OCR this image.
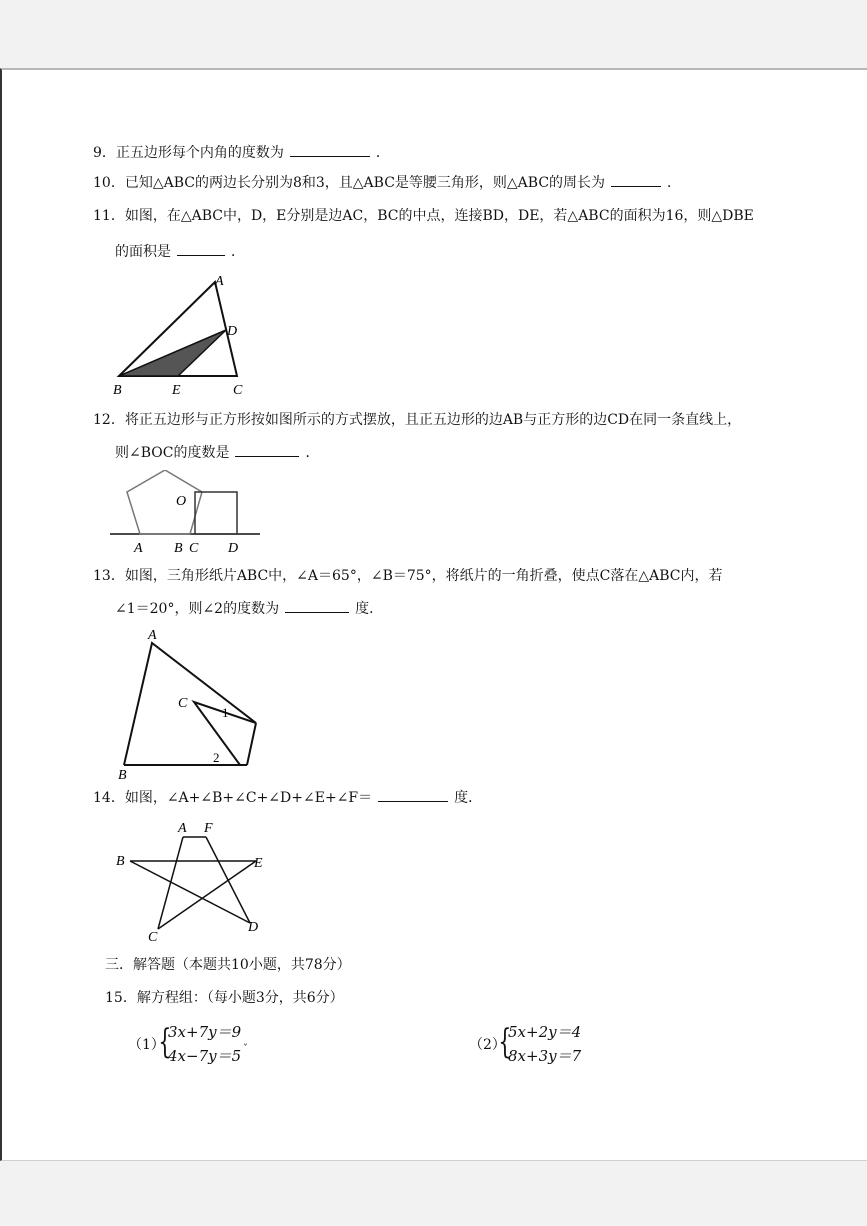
9．正五边形每个内角的度数为	．
10．已知△ABC的两边长分别为8和3，且△ABC是等腰三角形，则△ABC的周长为	．
11．如图，在△ABC中，D，E分别是边AC，BC的中点，连接BD，DE，若△ABC的面积为16，则△DBE
的面积是	．
A
D
B	E	C
12．将正五边形与正方形按如图所示的方式摆放，且正五边形的边AB与正方形的边CD在同一条直线上，
则∠BOC的度数是	．
O
A B C D
13．如图，三角形纸片ABC中，∠A＝65°，∠B＝75°，将纸片的一角折叠，使点C落在△ABC内，若
∠1＝20°，则∠2的度数为	度．
A
B
C
1
2
14．如图，∠A+∠B+∠C+∠D+∠E+∠F＝	度．
A F
B	E
C
D
三．解答题（本题共10小题，共78分）
15．解方程组：（每小题3分，共6分）
（1）
{
3x+7y＝9
4x−7y＝5 ˇ	（2）
{
5x+2y＝4
8x+3y＝7
